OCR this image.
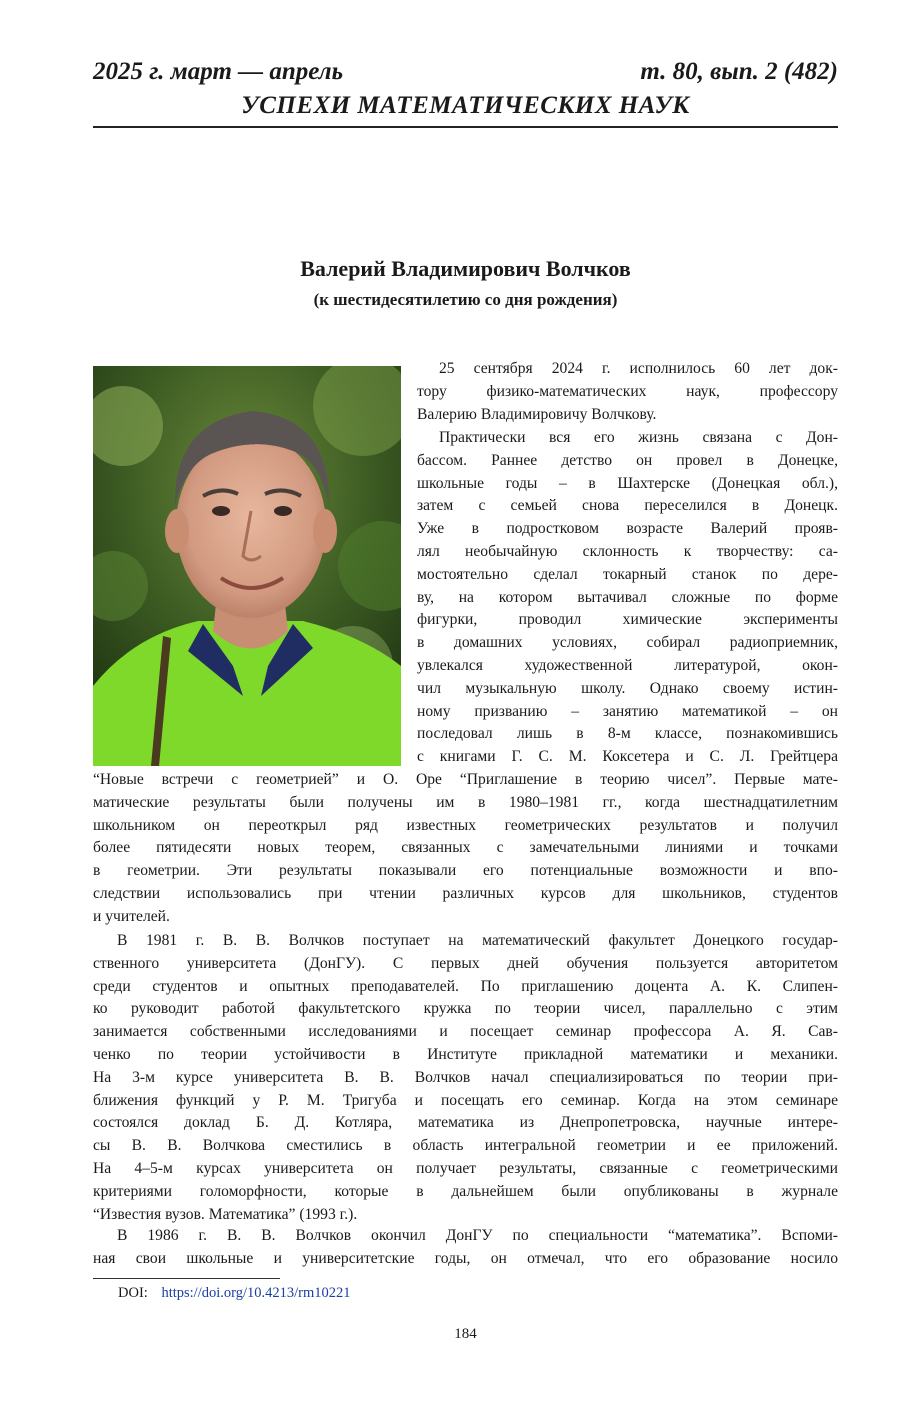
2025 г. март — апрель	т. 80, вып. 2 (482)
УСПЕХИ МАТЕМАТИЧЕСКИХ НАУК
Валерий Владимирович Волчков
(к шестидесятилетию со дня рождения)
25 сентября 2024 г. исполнилось 60 лет док-
тору физико-математических наук, профессору
Валерию Владимировичу Волчкову.
Практически вся его жизнь связана с Дон-
бассом. Раннее детство он провел в Донецке,
школьные годы – в Шахтерске (Донецкая обл.),
затем с семьей снова переселился в Донецк.
Уже в подростковом возрасте Валерий прояв-
лял необычайную склонность к творчеству: са-
мостоятельно сделал токарный станок по дере-
ву, на котором вытачивал сложные по форме
фигурки, проводил химические эксперименты
в домашних условиях, собирал радиоприемник,
увлекался художественной литературой, окон-
чил музыкальную школу. Однако своему истин-
ному призванию – занятию математикой – он
последовал лишь в 8-м классе, познакомившись
с книгами Г. С. М. Коксетера и С. Л. Грейтцера
“Новые встречи с геометрией” и О. Оре “Приглашение в теорию чисел”. Первые мате-
матические результаты были получены им в 1980–1981 гг., когда шестнадцатилетним
школьником он переоткрыл ряд известных геометрических результатов и получил
более пятидесяти новых теорем, связанных с замечательными линиями и точками
в геометрии. Эти результаты показывали его потенциальные возможности и впо-
следствии использовались при чтении различных курсов для школьников, студентов
и учителей.
В 1981 г. В. В. Волчков поступает на математический факультет Донецкого государ-
ственного университета (ДонГУ). С первых дней обучения пользуется авторитетом
среди студентов и опытных преподавателей. По приглашению доцента А. К. Слипен-
ко руководит работой факультетского кружка по теории чисел, параллельно с этим
занимается собственными исследованиями и посещает семинар профессора А. Я. Сав-
ченко по теории устойчивости в Институте прикладной математики и механики.
На 3-м курсе университета В. В. Волчков начал специализироваться по теории при-
ближения функций у Р. М. Тригуба и посещать его семинар. Когда на этом семинаре
состоялся доклад Б. Д. Котляра, математика из Днепропетровска, научные интере-
сы В. В. Волчкова сместились в область интегральной геометрии и ее приложений.
На 4–5-м курсах университета он получает результаты, связанные с геометрическими
критериями голоморфности, которые в дальнейшем были опубликованы в журнале
“Известия вузов. Математика” (1993 г.).
В 1986 г. В. В. Волчков окончил ДонГУ по специальности “математика”. Вспоми-
ная свои школьные и университетские годы, он отмечал, что его образование носило
DOI: https://doi.org/10.4213/rm10221
184
